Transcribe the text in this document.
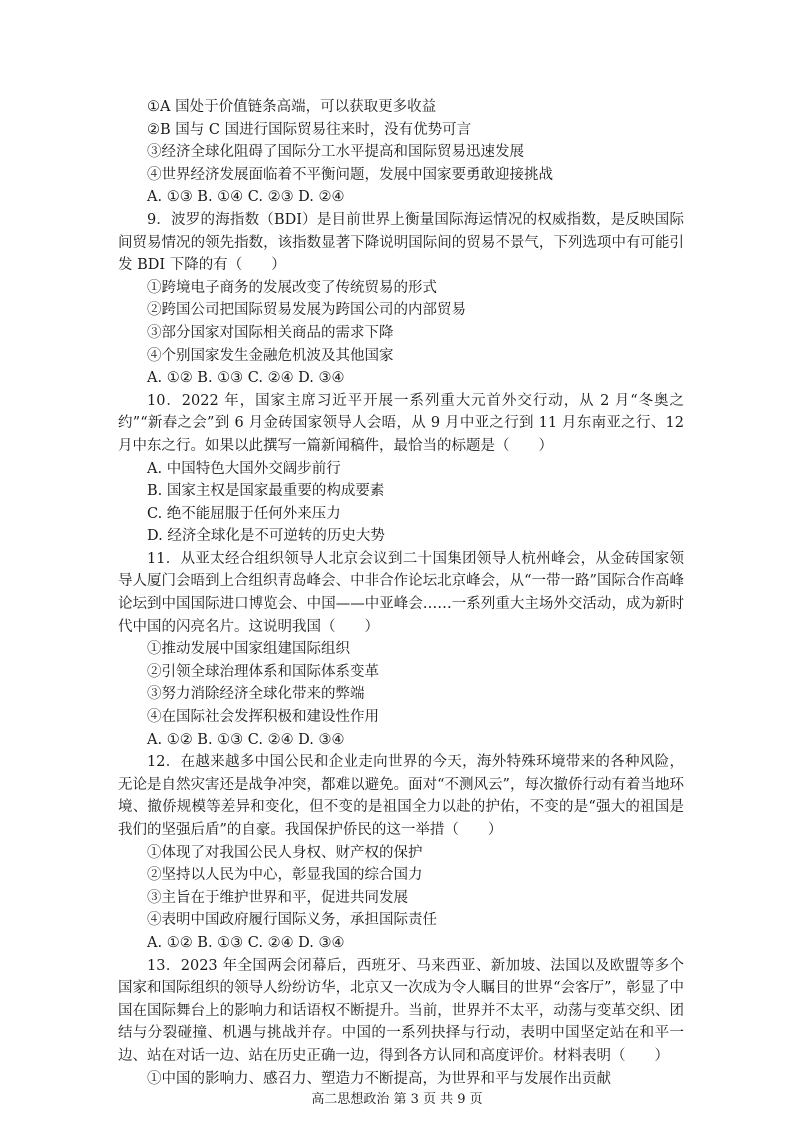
①A 国处于价值链条高端，可以获取更多收益
②B 国与 C 国进行国际贸易往来时，没有优势可言
③经济全球化阻碍了国际分工水平提高和国际贸易迅速发展
④世界经济发展面临着不平衡问题，发展中国家要勇敢迎接挑战
A. ①③ B. ①④ C. ②③ D. ②④
9．波罗的海指数（BDI）是目前世界上衡量国际海运情况的权威指数，是反映国际间贸易情况的领先指数，该指数显著下降说明国际间的贸易不景气，下列选项中有可能引发 BDI 下降的有（　　）
①跨境电子商务的发展改变了传统贸易的形式
②跨国公司把国际贸易发展为跨国公司的内部贸易
③部分国家对国际相关商品的需求下降
④个别国家发生金融危机波及其他国家
A. ①② B. ①③ C. ②④ D. ③④
10．2022 年，国家主席习近平开展一系列重大元首外交行动，从 2 月“冬奥之约”“新春之会”到 6 月金砖国家领导人会晤，从 9 月中亚之行到 11 月东南亚之行、12 月中东之行。如果以此撰写一篇新闻稿件，最恰当的标题是（　　）
A. 中国特色大国外交阔步前行
B. 国家主权是国家最重要的构成要素
C. 绝不能屈服于任何外来压力
D. 经济全球化是不可逆转的历史大势
11．从亚太经合组织领导人北京会议到二十国集团领导人杭州峰会，从金砖国家领导人厦门会晤到上合组织青岛峰会、中非合作论坛北京峰会，从“一带一路”国际合作高峰论坛到中国国际进口博览会、中国——中亚峰会……一系列重大主场外交活动，成为新时代中国的闪亮名片。这说明我国（　　）
①推动发展中国家组建国际组织
②引领全球治理体系和国际体系变革
③努力消除经济全球化带来的弊端
④在国际社会发挥积极和建设性作用
A. ①② B. ①③ C. ②④ D. ③④
12．在越来越多中国公民和企业走向世界的今天，海外特殊环境带来的各种风险，无论是自然灾害还是战争冲突，都难以避免。面对“不测风云”，每次撤侨行动有着当地环境、撤侨规模等差异和变化，但不变的是祖国全力以赴的护佑，不变的是“强大的祖国是我们的坚强后盾”的自豪。我国保护侨民的这一举措（　　）
①体现了对我国公民人身权、财产权的保护
②坚持以人民为中心，彰显我国的综合国力
③主旨在于维护世界和平，促进共同发展
④表明中国政府履行国际义务，承担国际责任
A. ①② B. ①③ C. ②④ D. ③④
13．2023 年全国两会闭幕后，西班牙、马来西亚、新加坡、法国以及欧盟等多个国家和国际组织的领导人纷纷访华，北京又一次成为令人瞩目的世界“会客厅”，彰显了中国在国际舞台上的影响力和话语权不断提升。当前，世界并不太平，动荡与变革交织、团结与分裂碰撞、机遇与挑战并存。中国的一系列抉择与行动，表明中国坚定站在和平一边、站在对话一边、站在历史正确一边，得到各方认同和高度评价。材料表明（　　）
①中国的影响力、感召力、塑造力不断提高，为世界和平与发展作出贡献
高二思想政治 第 3 页 共 9 页
